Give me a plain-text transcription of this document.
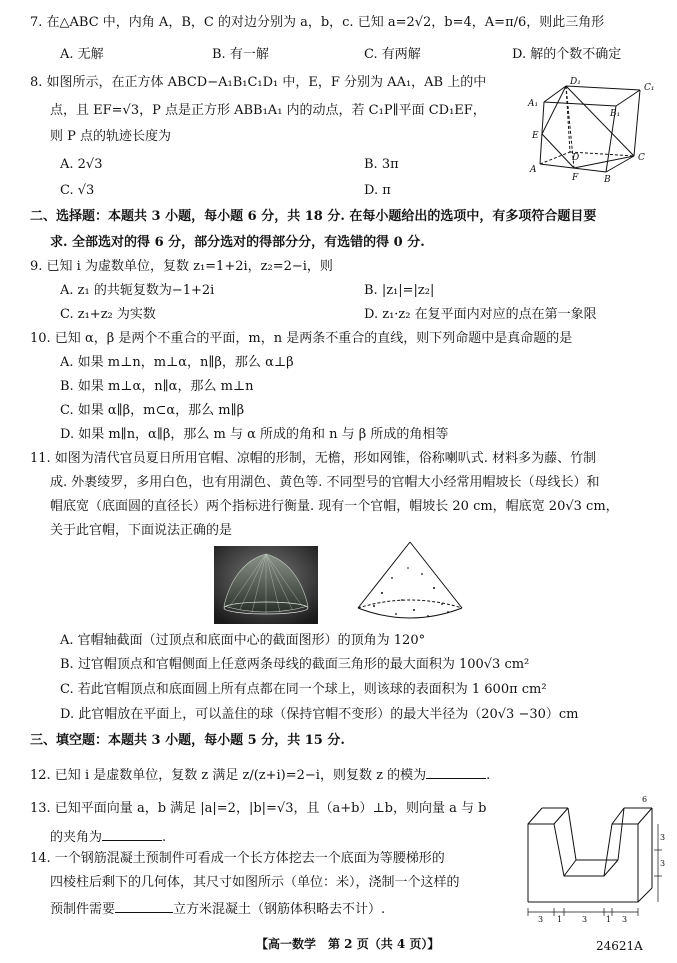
7. 在△ABC 中，内角 A，B，C 的对边分别为 a，b，c. 已知 a=2√2，b=4，A=π/6，则此三角形
A. 无解	B. 有一解	C. 有两解	D. 解的个数不确定
8. 如图所示，在正方体 ABCD−A₁B₁C₁D₁ 中，E，F 分别为 AA₁，AB 上的中
点，且 EF=√3，P 点是正方形 ABB₁A₁ 内的动点，若 C₁P∥平面 CD₁EF，
则 P 点的轨迹长度为
A. 2√3	B. 3π
C. √3	D. π
D₁
C₁
A₁
B₁
E
D	C
A
F	B
二、选择题：本题共 3 小题，每小题 6 分，共 18 分. 在每小题给出的选项中，有多项符合题目要
求. 全部选对的得 6 分，部分选对的得部分分，有选错的得 0 分.
9. 已知 i 为虚数单位，复数 z₁=1+2i，z₂=2−i，则
A. z₁ 的共轭复数为−1+2i	B. |z₁|=|z₂|
C. z₁+z₂ 为实数	D. z₁·z₂ 在复平面内对应的点在第一象限
10. 已知 α，β 是两个不重合的平面，m，n 是两条不重合的直线，则下列命题中是真命题的是
A. 如果 m⊥n，m⊥α，n∥β，那么 α⊥β
B. 如果 m⊥α，n∥α，那么 m⊥n
C. 如果 α∥β，m⊂α，那么 m∥β
D. 如果 m∥n，α∥β，那么 m 与 α 所成的角和 n 与 β 所成的角相等
11. 如图为清代官员夏日所用官帽、凉帽的形制，无檐，形如网锥，俗称喇叭式. 材料多为藤、竹制
成. 外裹绫罗，多用白色，也有用湖色、黄色等. 不同型号的官帽大小经常用帽坡长（母线长）和
帽底宽（底面圆的直径长）两个指标进行衡量. 现有一个官帽，帽坡长 20 cm，帽底宽 20√3 cm，
关于此官帽，下面说法正确的是
A. 官帽轴截面（过顶点和底面中心的截面图形）的顶角为 120°
B. 过官帽顶点和官帽侧面上任意两条母线的截面三角形的最大面积为 100√3 cm²
C. 若此官帽顶点和底面圆上所有点都在同一个球上，则该球的表面积为 1 600π cm²
D. 此官帽放在平面上，可以盖住的球（保持官帽不变形）的最大半径为（20√3 −30）cm
三、填空题：本题共 3 小题，每小题 5 分，共 15 分.
12. 已知 i 是虚数单位，复数 z 满足 z/(z+i)=2−i，则复数 z 的模为	.
13. 已知平面向量 a，b 满足 |a|=2，|b|=√3，且（a+b）⊥b，则向量 a 与 b
的夹角为	.
14. 一个钢筋混凝土预制件可看成一个长方体挖去一个底面为等腰梯形的
四棱柱后剩下的几何体，其尺寸如图所示（单位：米），浇制一个这样的
预制件需要	立方米混凝土（钢筋体积略去不计）.
6
3
3
3 1 3 1 3
【高一数学　第 2 页（共 4 页）】	24621A
